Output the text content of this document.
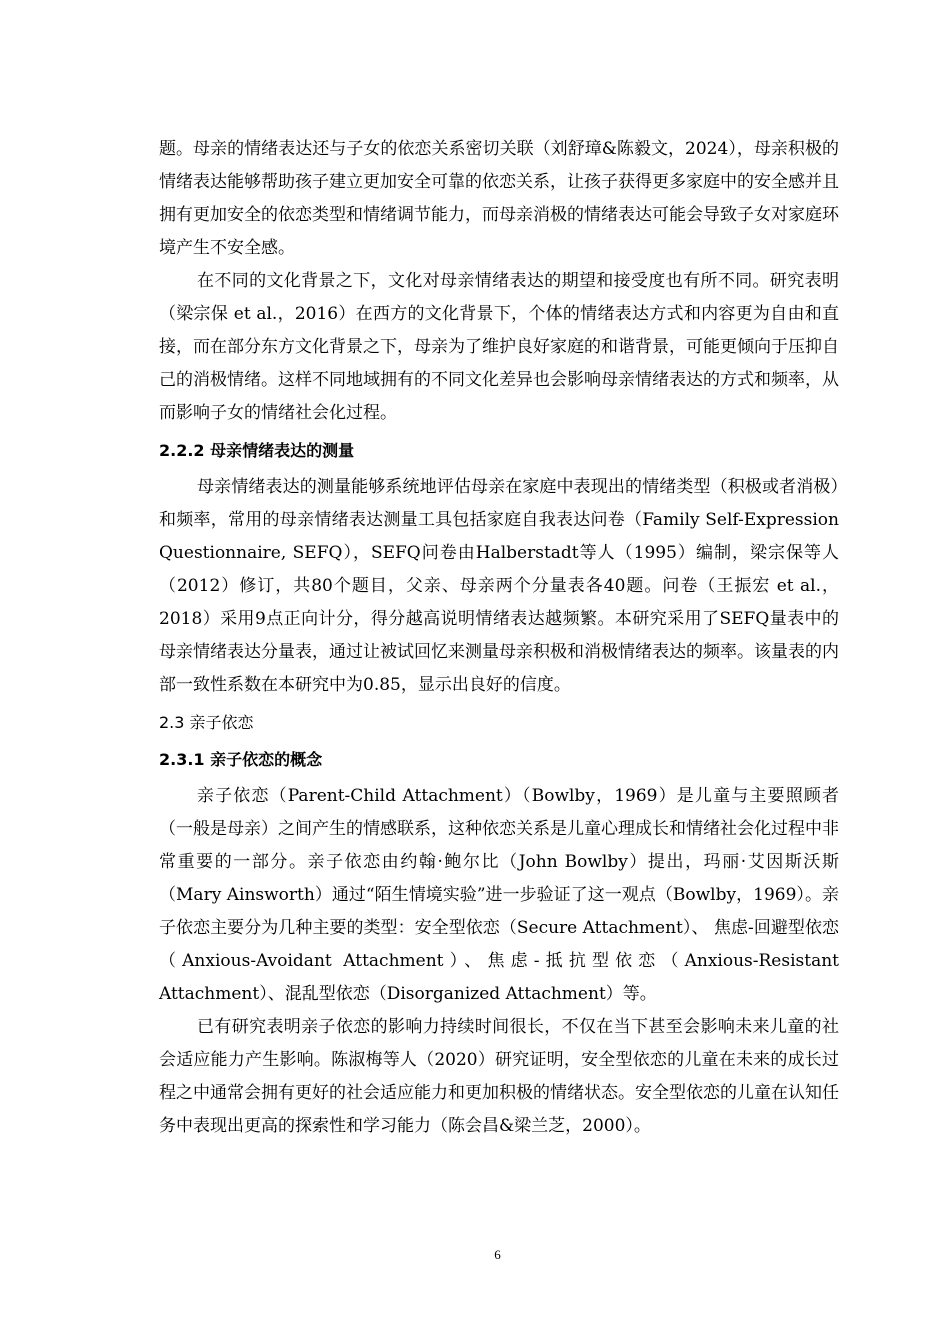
题。母亲的情绪表达还与子女的依恋关系密切关联（刘舒璋&陈毅文，2024），母亲积极的情绪表达能够帮助孩子建立更加安全可靠的依恋关系，让孩子获得更多家庭中的安全感并且拥有更加安全的依恋类型和情绪调节能力，而母亲消极的情绪表达可能会导致子女对家庭环境产生不安全感。

在不同的文化背景之下，文化对母亲情绪表达的期望和接受度也有所不同。研究表明（梁宗保 et al.，2016）在西方的文化背景下，个体的情绪表达方式和内容更为自由和直接，而在部分东方文化背景之下，母亲为了维护良好家庭的和谐背景，可能更倾向于压抑自己的消极情绪。这样不同地域拥有的不同文化差异也会影响母亲情绪表达的方式和频率，从而影响子女的情绪社会化过程。

2.2.2 母亲情绪表达的测量

母亲情绪表达的测量能够系统地评估母亲在家庭中表现出的情绪类型（积极或者消极）和频率，常用的母亲情绪表达测量工具包括家庭自我表达问卷（Family Self-Expression Questionnaire, SEFQ），SEFQ问卷由Halberstadt等人（1995）编制，梁宗保等人（2012）修订，共80个题目，父亲、母亲两个分量表各40题。问卷（王振宏 et al.，2018）采用9点正向计分，得分越高说明情绪表达越频繁。本研究采用了SEFQ量表中的母亲情绪表达分量表，通过让被试回忆来测量母亲积极和消极情绪表达的频率。该量表的内部一致性系数在本研究中为0.85，显示出良好的信度。

2.3 亲子依恋

2.3.1 亲子依恋的概念

亲子依恋（Parent-Child Attachment）（Bowlby，1969）是儿童与主要照顾者（一般是母亲）之间产生的情感联系，这种依恋关系是儿童心理成长和情绪社会化过程中非常重要的一部分。亲子依恋由约翰·鲍尔比（John Bowlby）提出，玛丽·艾因斯沃斯（Mary Ainsworth）通过“陌生情境实验”进一步验证了这一观点（Bowlby，1969）。亲子依恋主要分为几种主要的类型：安全型依恋（Secure Attachment）、 焦虑-回避型依恋（Anxious-Avoidant Attachment）、焦虑-抵抗型依恋（Anxious-Resistant Attachment）、混乱型依恋（Disorganized Attachment）等。

已有研究表明亲子依恋的影响力持续时间很长，不仅在当下甚至会影响未来儿童的社会适应能力产生影响。陈淑梅等人（2020）研究证明，安全型依恋的儿童在未来的成长过程之中通常会拥有更好的社会适应能力和更加积极的情绪状态。安全型依恋的儿童在认知任务中表现出更高的探索性和学习能力（陈会昌&梁兰芝，2000）。

6
